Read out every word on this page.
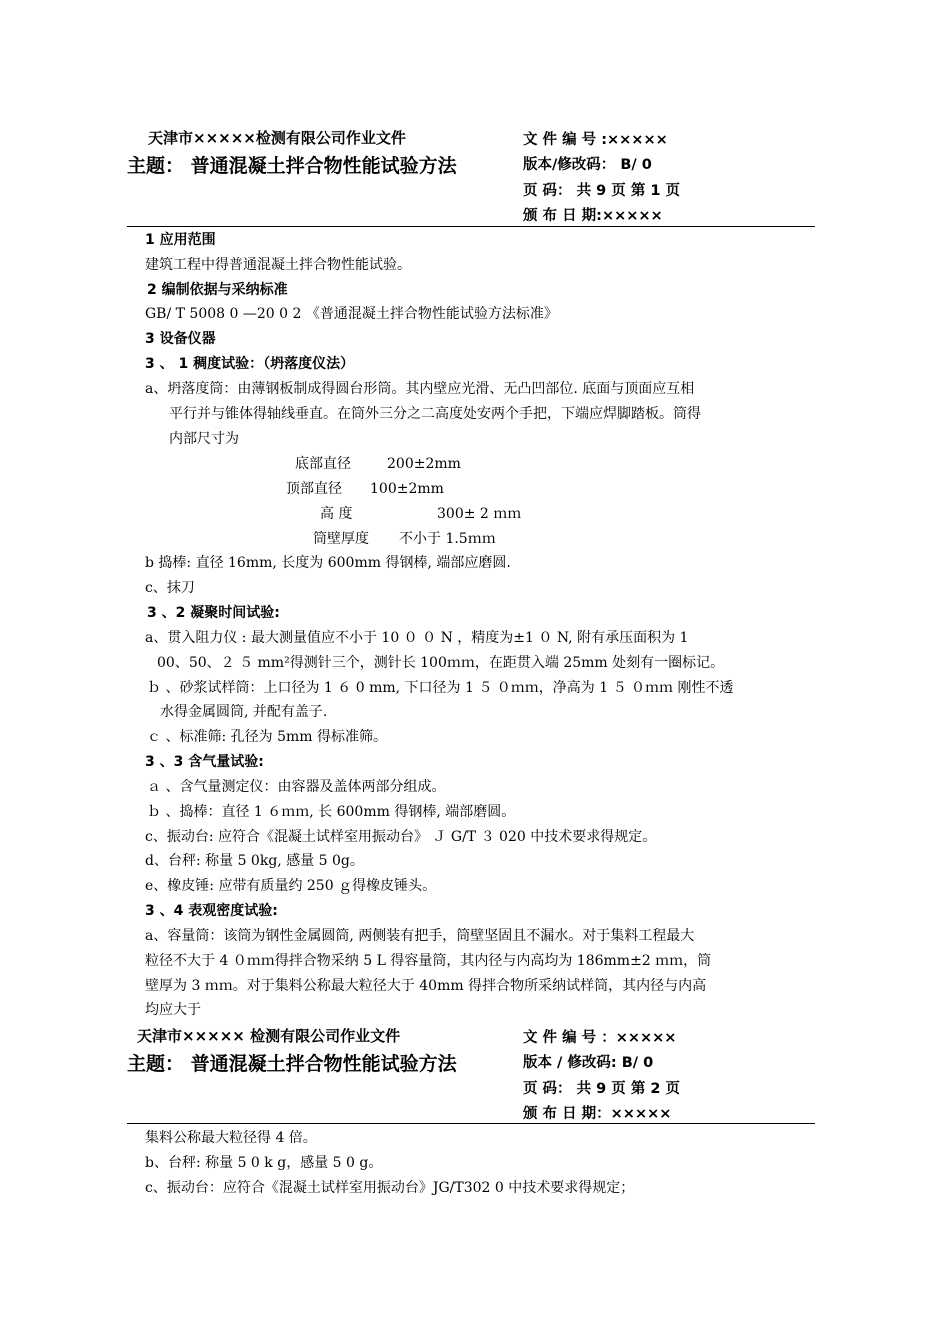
天津市×××××检测有限公司作业文件
主题： 普通混凝土拌合物性能试验方法
文 件 编 号 :×××××
版本/修改码： B/ 0
页 码： 共 9 页 第 1 页
颁 布 日 期:×××××
1 应用范围
建筑工程中得普通混凝土拌合物性能试验。
2 编制依据与采纳标准
GB/ T 5008 0 —20 0 2 《普通混凝土拌合物性能试验方法标准》
3 设备仪器
3 、 1 稠度试验：（坍落度仪法）
a、坍落度筒：由薄钢板制成得圆台形筒。其内壁应光滑、无凸凹部位. 底面与顶面应互相
平行并与锥体得轴线垂直。在筒外三分之二高度处安两个手把，下端应焊脚踏板。筒得
内部尺寸为
底部直径	200±2mm
顶部直径 100±2mm
高 度	300± 2 ｍｍ
筒壁厚度 不小于 1.5ｍｍ
b 捣棒: 直径 16mm, 长度为 600mm 得钢棒, 端部应磨圆.
c、抹刀
3 、2 凝聚时间试验:
a、贯入阻力仪 : 最大测量值应不小于 10 ０ ０ N ，精度为±1 ０ N, 附有承压面积为 1
00、50、２ ５ mm²得测针三个，测针长 100ｍｍ，在距贯入端 25mm 处刻有一圈标记。
ｂ 、砂浆试样筒：上口径为 1 ６ 0 mm, 下口径为 1 ５ ０ｍｍ，净高为 1 ５ ０ｍｍ 刚性不透
水得金属圆筒, 并配有盖子.
ｃ 、标准筛: 孔径为 5mm 得标准筛。
3 、3 含气量试验:
ａ 、含气量测定仪：由容器及盖体两部分组成。
ｂ 、捣棒：直径 1 ６ｍｍ, 长 600mm 得钢棒, 端部磨圆。
c、振动台: 应符合《混凝土试样室用振动台》 Ｊ G/T ３ 020 中技术要求得规定。
d、台秤: 称量 5 0kg, 感量 5 0g。
e、橡皮锤: 应带有质量约 250 ｇ得橡皮锤头。
3 、4 表观密度试验:
a、容量筒：该筒为钢性金属圆筒, 两侧装有把手，筒壁坚固且不漏水。对于集料工程最大
粒径不大于 4 ０ｍｍ得拌合物采纳 5 L 得容量筒，其内径与内高均为 186mm±2 ｍｍ，筒
壁厚为 3 ｍｍ。对于集料公称最大粒径大于 40mm 得拌合物所采纳试样筒，其内径与内高
均应大于
天津市××××× 检测有限公司作业文件
主题： 普通混凝土拌合物性能试验方法
文 件 编 号 ：×××××
版本 / 修改码: B/ 0
页 码： 共 9 页 第 2 页
颁 布 日 期：×××××
集料公称最大粒径得 4 倍。
b、台秤: 称量 5 0 k g，感量 5 0 g。
c、振动台：应符合《混凝土试样室用振动台》JG/T302 0 中技术要求得规定；
